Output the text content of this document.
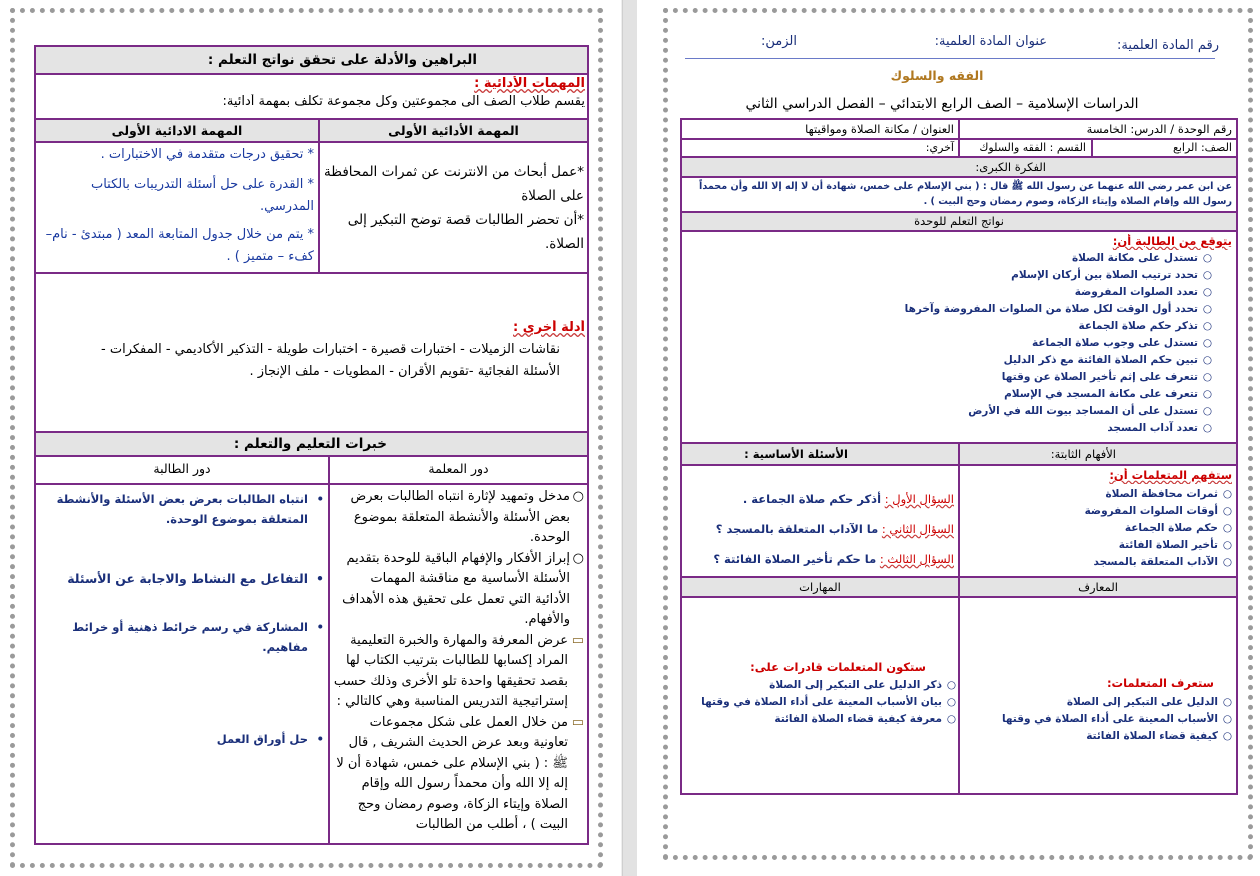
البراهين والأدلة على تحقق نواتج التعلم :
المهمات الأدائية :
يقسم طلاب الصف الى مجموعتين وكل مجموعة تكلف بمهمة أدائية:
المهمة الأدائية الأولى
المهمة الادائية الأولى
*عمل أبحاث من الانترنت عن ثمرات المحافظة على الصلاة
*أن تحضر الطالبات قصة توضح التبكير إلى الصلاة.
* تحقيق درجات متقدمة في الاختبارات .
* القدرة على حل أسئلة التدريبات بالكتاب المدرسي.
* يتم من خلال جدول المتابعة المعد ( مبتدئ - نام– كفء – متميز ) .
أدلة أخرى :
نقاشات الزميلات - اختبارات قصيرة - اختبارات طويلة - التذكير الأكاديمي - المفكرات - الأسئلة الفجائية -تقويم الأقران - المطويات - ملف الإنجاز .
خبرات التعليم والتعلم :
دور المعلمة
دور الطالبة
○
مدخل وتمهيد لإثارة انتباه الطالبات بعرض بعض الأسئلة والأنشطة المتعلقة بموضوع الوحدة.
○
إبراز الأفكار والإفهام الباقية للوحدة بتقديم الأسئلة الأساسية مع مناقشة المهمات الأدائية التي تعمل على تحقيق هذه الأهداف والأفهام.
▭
عرض المعرفة والمهارة والخبرة التعليمية المراد إكسابها للطالبات بترتيب الكتاب لها بقصد تحقيقها واحدة تلو الأخرى وذلك حسب إستراتيجية التدريس المناسبة وهي كالتالي :
▭
من خلال العمل على شكل مجموعات تعاونية وبعد عرض الحديث الشريف , قال ﷺ : ( بني الإسلام على خمس، شهادة أن لا إله إلا الله وأن محمداً رسول الله وإقام الصلاة وإيتاء الزكاة، وصوم رمضان وحج البيت ) ، أطلب من الطالبات
•
انتباه الطالبات بعرض بعض الأسئلة والأنشطة المتعلقة بموضوع الوحدة.
•
التفاعل مع النشاط والاجابة عن الأسئلة
•
المشاركة في رسم خرائط ذهنية أو خرائط مفاهيم.
•
حل أوراق العمل
رقم المادة العلمية:
عنوان المادة العلمية:
الزمن:
الفقه والسلوك
الدراسات الإسلامية – الصف الرابع الابتدائي – الفصل الدراسي الثاني
رقم الوحدة / الدرس: الخامسة
العنوان / مكانة الصلاة ومواقيتها
الصف: الرابع
القسم : الفقه والسلوك
آخري:
الفكرة الكبرى:
عن ابن عمر رضي الله عنهما عن رسول الله ﷺ قال : ( بني الإسلام على خمس، شهادة أن لا إله إلا الله وأن محمداً رسول الله وإقام الصلاة وإيتاء الزكاة، وصوم رمضان وحج البيت ) .
نواتج التعلم للوحدة
يتوقع من الطالبة أن:
○
تستدل على مكانة الصلاة
○
تحدد ترتيب الصلاة بين أركان الإسلام
○
تعدد الصلوات المفروضة
○
تحدد أول الوقت لكل صلاة من الصلوات المفروضة وآخرها
○
تذكر حكم صلاة الجماعة
○
تستدل على وجوب صلاة الجماعة
○
تبين حكم الصلاة الفائتة مع ذكر الدليل
○
تتعرف على إثم تأخير الصلاة عن وقتها
○
تتعرف على مكانة المسجد في الإسلام
○
تستدل على أن المساجد بيوت الله في الأرض
○
تعدد آداب المسجد
الأفهام الثابتة:
الأسئلة الأساسية :
ستفهم المتعلمات أن:
○
ثمرات محافظة الصلاة
○
أوقات الصلوات المفروضة
○
حكم صلاة الجماعة
○
تأخير الصلاة الفائتة
○
الآداب المتعلقة بالمسجد
السؤال الأول : أذكر حكم صلاة الجماعة .
السؤال الثاني : ما الآداب المتعلقة بالمسجد ؟
السؤال الثالث : ما حكم تأخير الصلاة الفائتة ؟
المعارف
المهارات
ستعرف المتعلمات:
○
الدليل على التبكير إلى الصلاة
○
الأسباب المعينة على أداء الصلاة في وقتها
○
كيفية قضاء الصلاة الفائتة
ستكون المتعلمات قادرات على:
○
ذكر الدليل على التبكير إلى الصلاة
○
بيان الأسباب المعينة على أداء الصلاة في وقتها
○
معرفة كيفية قضاء الصلاة الفائتة
